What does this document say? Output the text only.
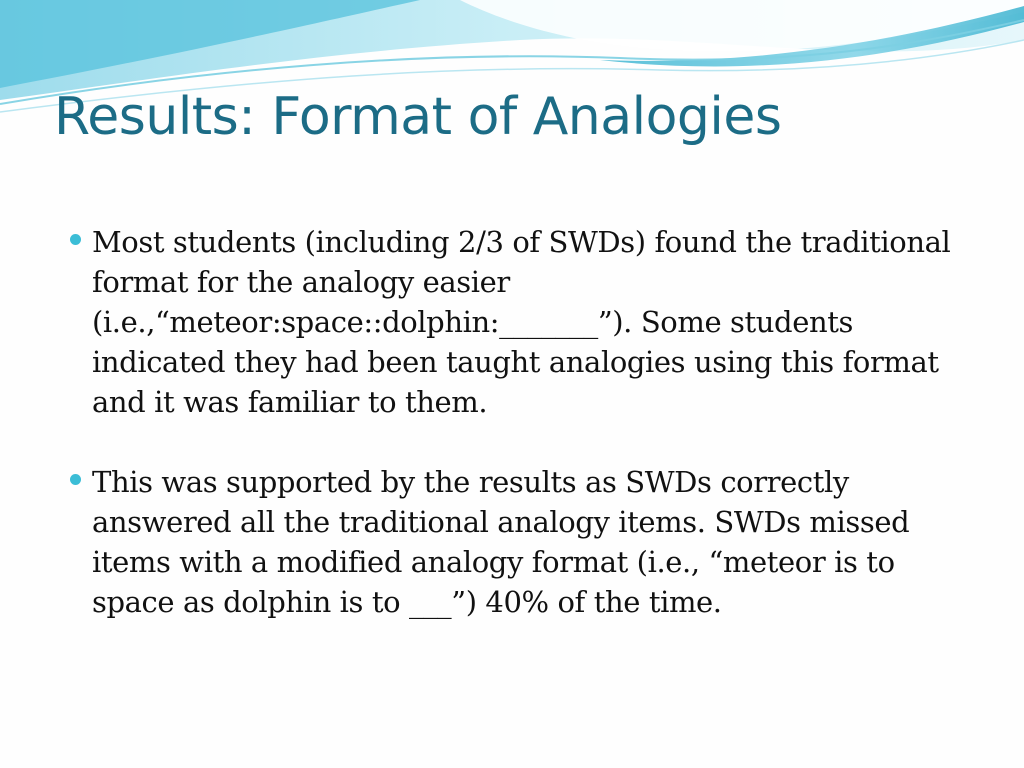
Results: Format of Analogies
Most students (including 2/3 of SWDs) found the traditional format for the analogy easier (i.e.,“meteor:space::dolphin:_______”). Some students indicated they had been taught analogies using this format and it was familiar to them.
This was supported by the results as SWDs correctly answered all the traditional analogy items. SWDs missed items with a modified analogy format (i.e., “meteor is to space as dolphin is to ___”) 40% of the time.
